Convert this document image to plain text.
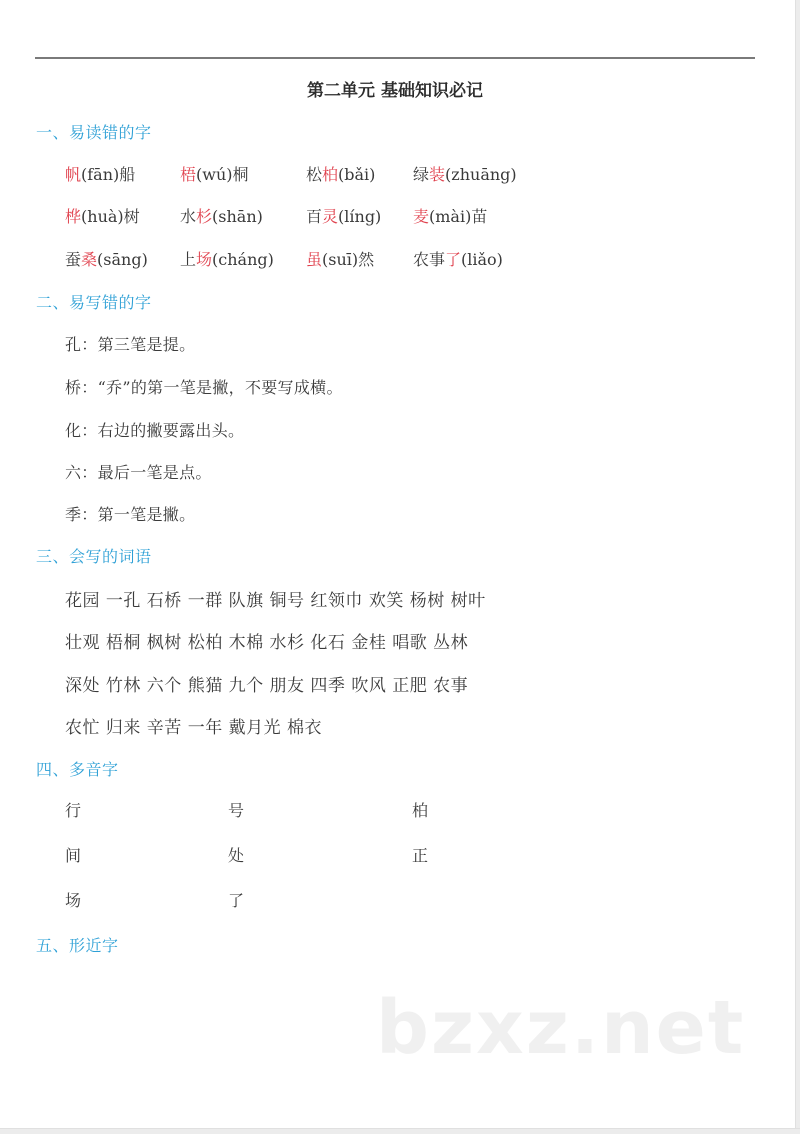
第二单元 基础知识必记
一、易读错的字
帆(fān)船	梧(wú)桐	松柏(bǎi) 绿装(zhuāng)
桦(huà)树	水杉(shān)	百灵(líng) 麦(mài)苗
蚕桑(sāng) 上场(cháng) 虽(suī)然 农事了(liǎo)
二、易写错的字
孔：第三笔是提。
桥：“乔”的第一笔是撇，不要写成横。
化：右边的撇要露出头。
六：最后一笔是点。
季：第一笔是撇。
三、会写的词语
花园 一孔 石桥 一群 队旗 铜号 红领巾 欢笑 杨树 树叶
壮观 梧桐 枫树 松柏 木棉 水杉 化石 金桂 唱歌 丛林
深处 竹林 六个 熊猫 九个 朋友 四季 吹风 正肥 农事
农忙 归来 辛苦 一年 戴月光 棉衣
四、多音字
行	号	柏
间	处	正
场	了
五、形近字
bzxz.net
